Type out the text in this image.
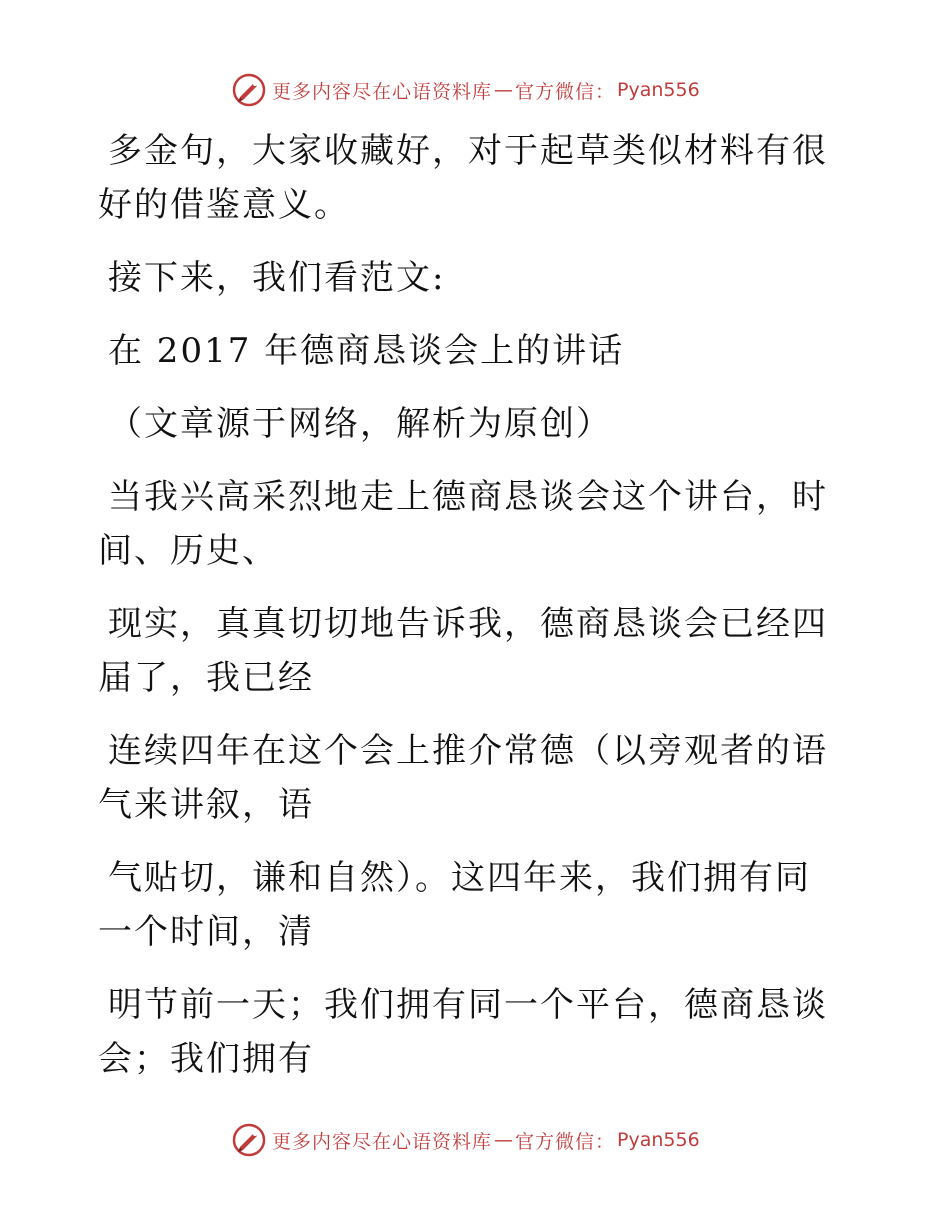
更多内容尽在心语资料库 — 官方微信： Pyan556

多金句，大家收藏好，对于起草类似材料有很好的借鉴意义。

接下来，我们看范文:

在 2017 年德商恳谈会上的讲话

（文章源于网络，解析为原创）

当我兴高采烈地走上德商恳谈会这个讲台，时间、历史、

现实，真真切切地告诉我，德商恳谈会已经四届了，我已经

连续四年在这个会上推介常德（以旁观者的语气来讲叙，语

气贴切，谦和自然）。这四年来，我们拥有同一个时间，清

明节前一天；我们拥有同一个平台，德商恳谈会；我们拥有

更多内容尽在心语资料库 — 官方微信： Pyan556
